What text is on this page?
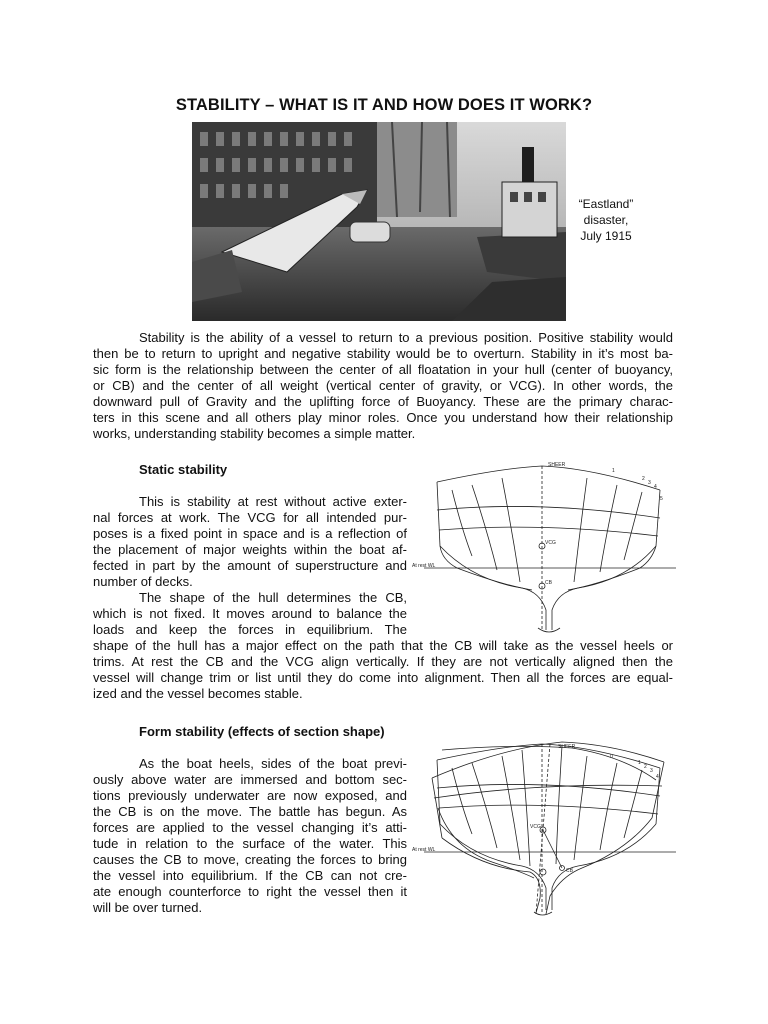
STABILITY – WHAT IS IT AND HOW DOES IT WORK?
“Eastland”
disaster,
July 1915
Stability is the ability of a vessel to return to a previous position. Positive stability would
then be to return to upright and negative stability would be to overturn. Stability in it’s most ba-
sic form is the relationship between the center of all floatation in your hull (center of buoyancy,
or CB) and the center of all weight (vertical center of gravity, or VCG). In other words, the
downward pull of Gravity and the uplifting force of Buoyancy. These are the primary charac-
ters in this scene and all others play minor roles. Once you understand how their relationship
works, understanding stability becomes a simple matter.
Static stability
This is stability at rest without active exter-
nal forces at work. The VCG for all intended pur-
poses is a fixed point in space and is a reflection of
the placement of major weights within the boat af-
fected in part by the amount of superstructure and
number of decks.
The shape of the hull determines the CB,
which is not fixed. It moves around to balance the
loads and keep the forces in equilibrium. The
shape of the hull has a major effect on the path that the CB will take as the vessel heels or
trims. At rest the CB and the VCG align vertically. If they are not vertically aligned then the
vessel will change trim or list until they do come into alignment. Then all the forces are equal-
ized and the vessel becomes stable.
SHEER
At rest WL
VCG
CB
1
2
3
4
5
Form stability (effects of section shape)
As the boat heels, sides of the boat previ-
ously above water are immersed and bottom sec-
tions previously underwater are now exposed, and
the CB is on the move. The battle has begun. As
forces are applied to the vessel changing it’s atti-
tude in relation to the surface of the water. This
causes the CB to move, creating the forces to bring
the vessel into equilibrium. If the CB can not cre-
ate enough counterforce to right the vessel then it
will be over turned.
SHEER
At rest WL
VCG
CB
0
1
2
3
4
